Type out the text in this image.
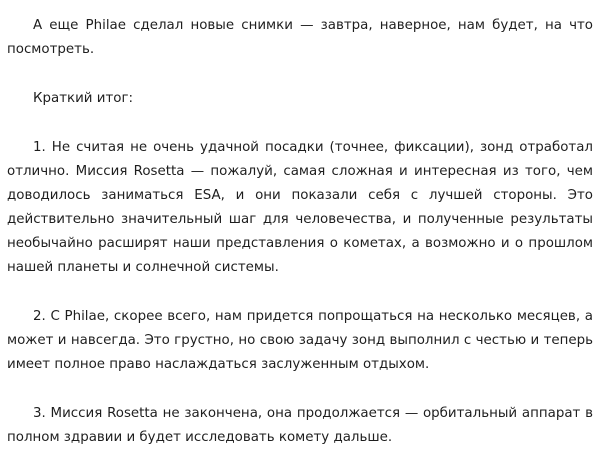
А еще Philae сделал новые снимки — завтра, наверное, нам будет, на что посмотреть.

Краткий итог:

1. Не считая не очень удачной посадки (точнее, фиксации), зонд отработал отлично. Миссия Rosetta — пожалуй, самая сложная и интересная из того, чем доводилось заниматься ESA, и они показали себя с лучшей стороны. Это действительно значительный шаг для человечества, и полученные результаты необычайно расширят наши представления о кометах, а возможно и о прошлом нашей планеты и солнечной системы.

2. С Philae, скорее всего, нам придется попрощаться на несколько месяцев, а может и навсегда. Это грустно, но свою задачу зонд выполнил с честью и теперь имеет полное право наслаждаться заслуженным отдыхом.

3. Миссия Rosetta не закончена, она продолжается — орбитальный аппарат в полном здравии и будет исследовать комету дальше.
